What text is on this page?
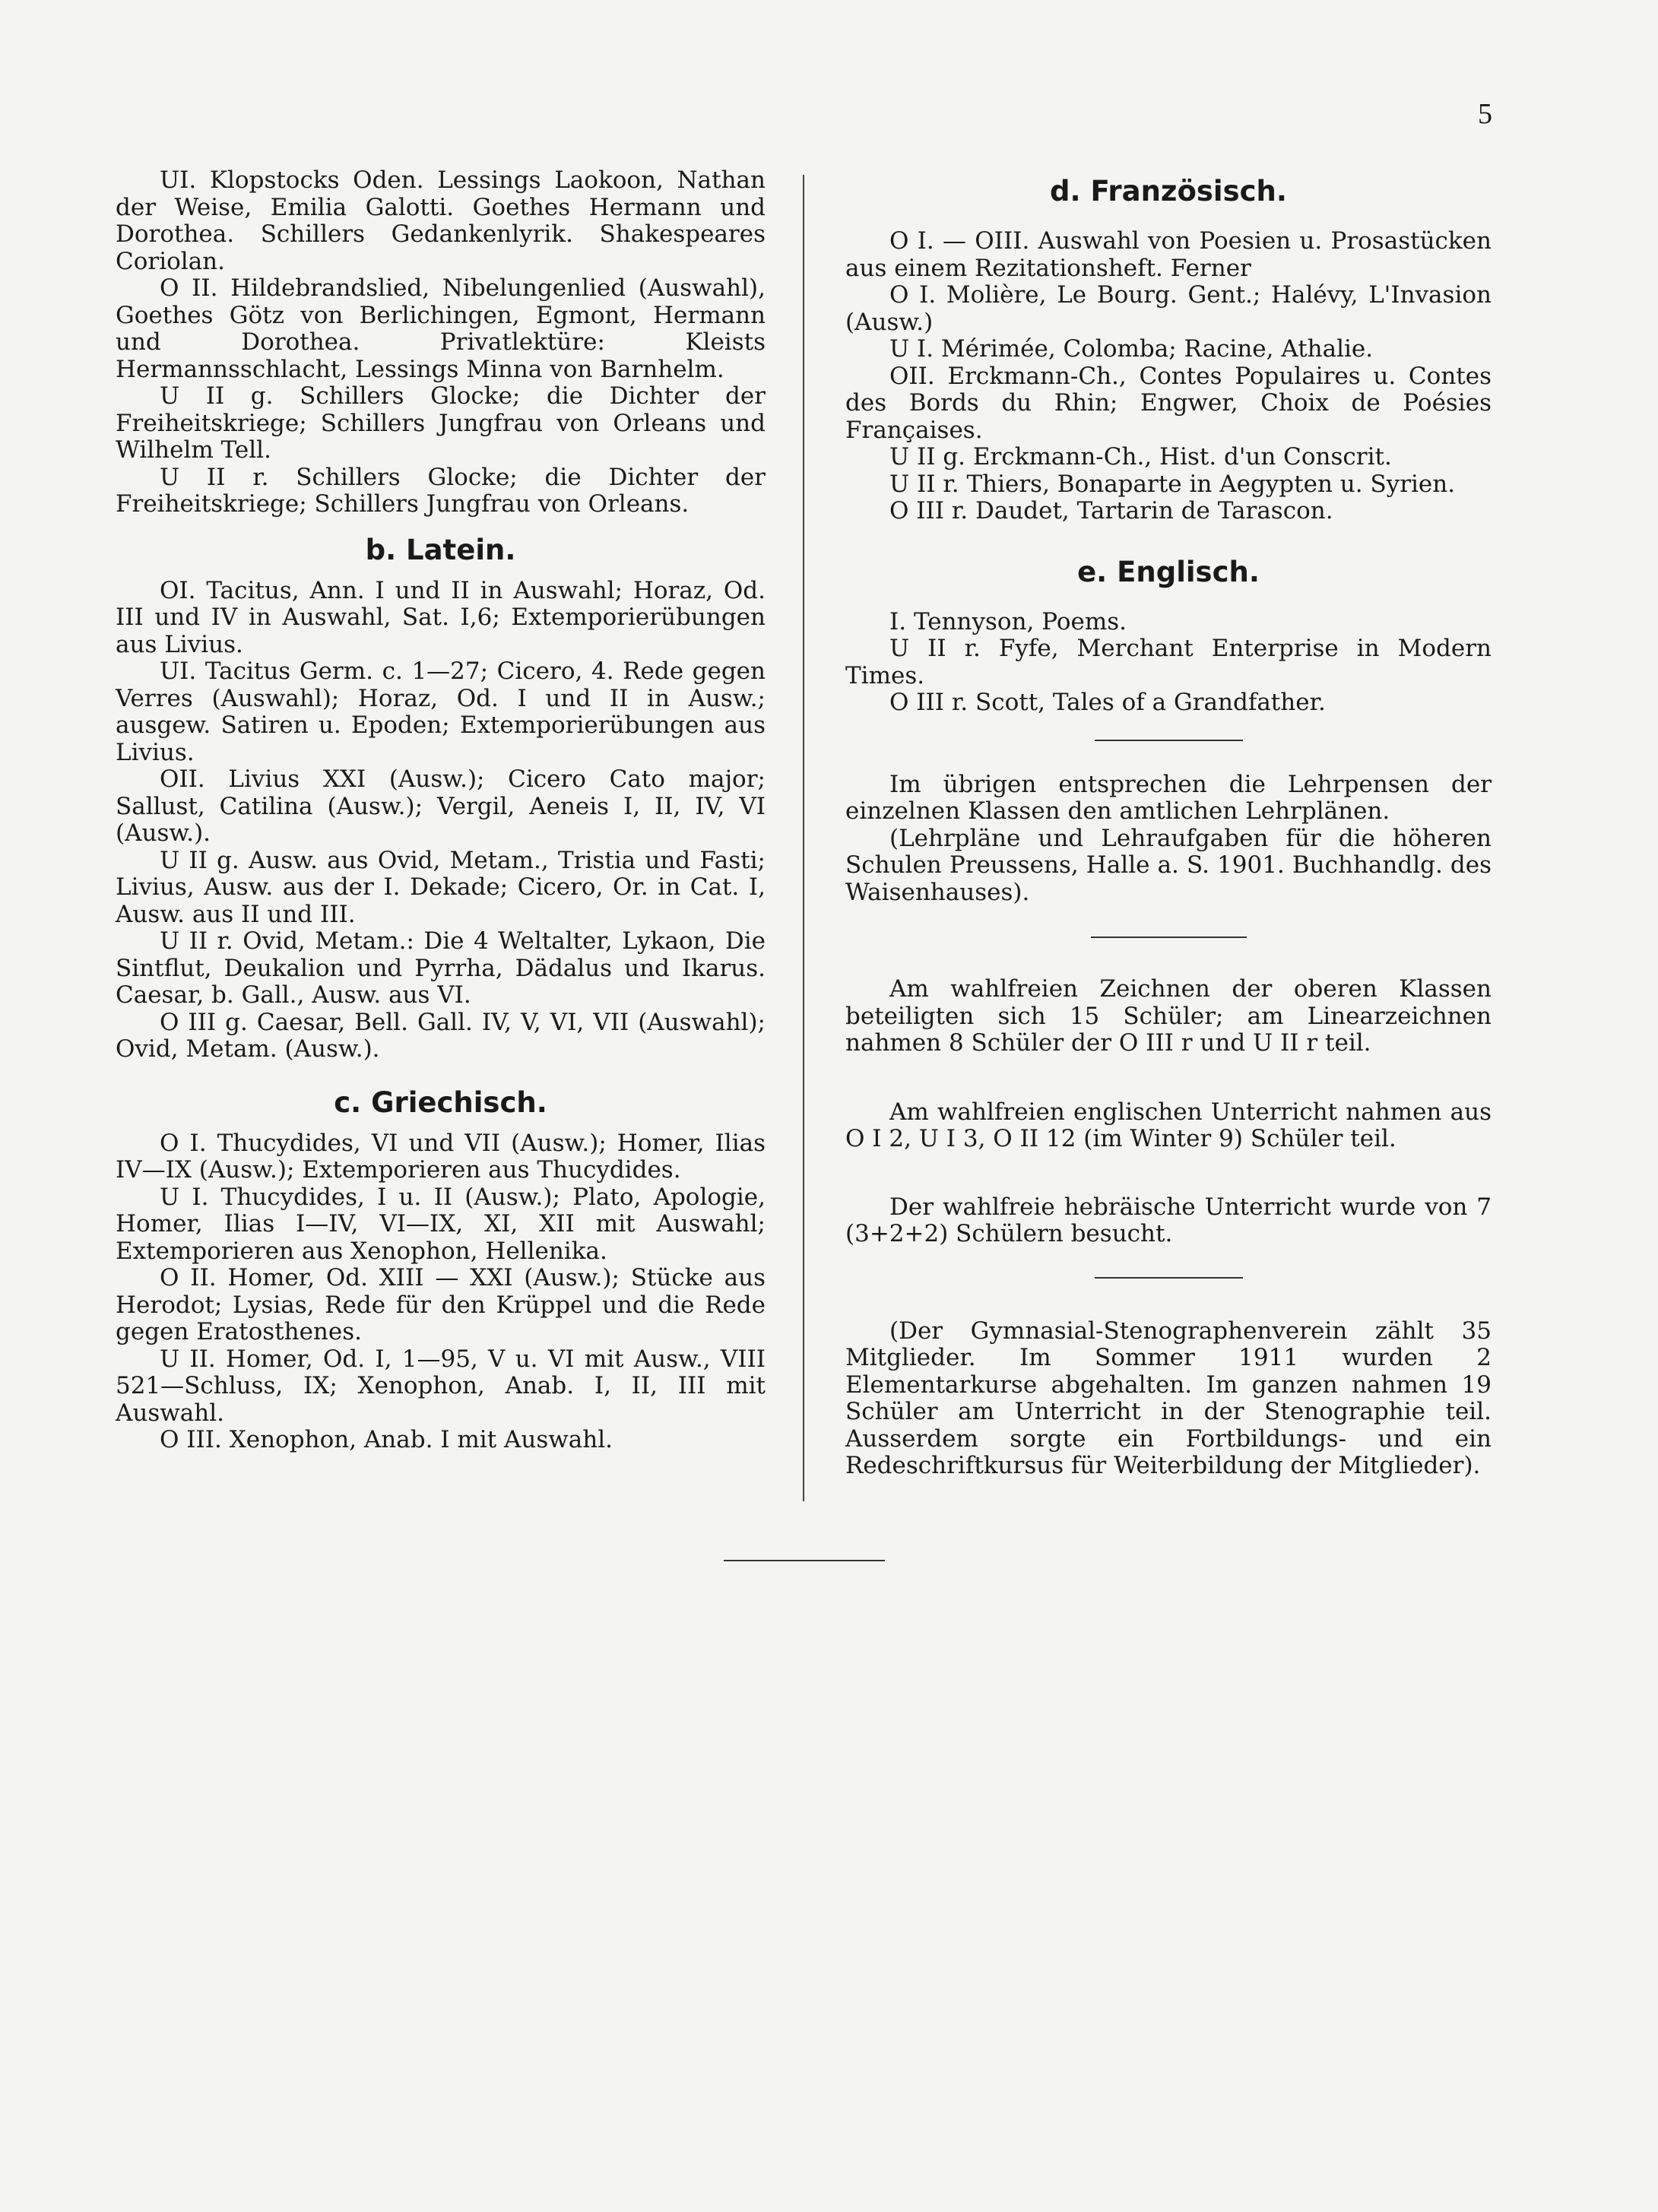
5

UI. Klopstocks Oden. Lessings Laokoon, Nathan der Weise, Emilia Galotti. Goethes Hermann und Dorothea. Schillers Gedankenlyrik. Shakespeares Coriolan.

O II. Hildebrandslied, Nibelungenlied (Auswahl), Goethes Götz von Berlichingen, Egmont, Hermann und Dorothea. Privatlektüre: Kleists Hermannsschlacht, Lessings Minna von Barnhelm.

U II g. Schillers Glocke; die Dichter der Freiheitskriege; Schillers Jungfrau von Orleans und Wilhelm Tell.

U II r. Schillers Glocke; die Dichter der Freiheitskriege; Schillers Jungfrau von Orleans.

b. Latein.

OI. Tacitus, Ann. I und II in Auswahl; Horaz, Od. III und IV in Auswahl, Sat. I,6; Extemporierübungen aus Livius.

UI. Tacitus Germ. c. 1—27; Cicero, 4. Rede gegen Verres (Auswahl); Horaz, Od. I und II in Ausw.; ausgew. Satiren u. Epoden; Extemporierübungen aus Livius.

OII. Livius XXI (Ausw.); Cicero Cato major; Sallust, Catilina (Ausw.); Vergil, Aeneis I, II, IV, VI (Ausw.).

U II g. Ausw. aus Ovid, Metam., Tristia und Fasti; Livius, Ausw. aus der I. Dekade; Cicero, Or. in Cat. I, Ausw. aus II und III.

U II r. Ovid, Metam.: Die 4 Weltalter, Lykaon, Die Sintflut, Deukalion und Pyrrha, Dädalus und Ikarus. Caesar, b. Gall., Ausw. aus VI.

O III g. Caesar, Bell. Gall. IV, V, VI, VII (Auswahl); Ovid, Metam. (Ausw.).

c. Griechisch.

O I. Thucydides, VI und VII (Ausw.); Homer, Ilias IV—IX (Ausw.); Extemporieren aus Thucydides.

U I. Thucydides, I u. II (Ausw.); Plato, Apologie, Homer, Ilias I—IV, VI—IX, XI, XII mit Auswahl; Extemporieren aus Xenophon, Hellenika.

O II. Homer, Od. XIII — XXI (Ausw.); Stücke aus Herodot; Lysias, Rede für den Krüppel und die Rede gegen Eratosthenes.

U II. Homer, Od. I, 1—95, V u. VI mit Ausw., VIII 521—Schluss, IX; Xenophon, Anab. I, II, III mit Auswahl.

O III. Xenophon, Anab. I mit Auswahl.

d. Französisch.

O I. — OIII. Auswahl von Poesien u. Prosastücken aus einem Rezitationsheft. Ferner

O I. Molière, Le Bourg. Gent.; Halévy, L'Invasion (Ausw.)

U I. Mérimée, Colomba; Racine, Athalie.

OII. Erckmann-Ch., Contes Populaires u. Contes des Bords du Rhin; Engwer, Choix de Poésies Françaises.

U II g. Erckmann-Ch., Hist. d'un Conscrit.

U II r. Thiers, Bonaparte in Aegypten u. Syrien.

O III r. Daudet, Tartarin de Tarascon.

e. Englisch.

I. Tennyson, Poems.

U II r. Fyfe, Merchant Enterprise in Modern Times.

O III r. Scott, Tales of a Grandfather.

Im übrigen entsprechen die Lehrpensen der einzelnen Klassen den amtlichen Lehrplänen.

(Lehrpläne und Lehraufgaben für die höheren Schulen Preussens, Halle a. S. 1901. Buchhandlg. des Waisenhauses).

Am wahlfreien Zeichnen der oberen Klassen beteiligten sich 15 Schüler; am Linearzeichnen nahmen 8 Schüler der O III r und U II r teil.

Am wahlfreien englischen Unterricht nahmen aus O I 2, U I 3, O II 12 (im Winter 9) Schüler teil.

Der wahlfreie hebräische Unterricht wurde von 7 (3+2+2) Schülern besucht.

(Der Gymnasial-Stenographenverein zählt 35 Mitglieder. Im Sommer 1911 wurden 2 Elementarkurse abgehalten. Im ganzen nahmen 19 Schüler am Unterricht in der Stenographie teil. Ausserdem sorgte ein Fortbildungs- und ein Redeschriftkursus für Weiterbildung der Mitglieder).
